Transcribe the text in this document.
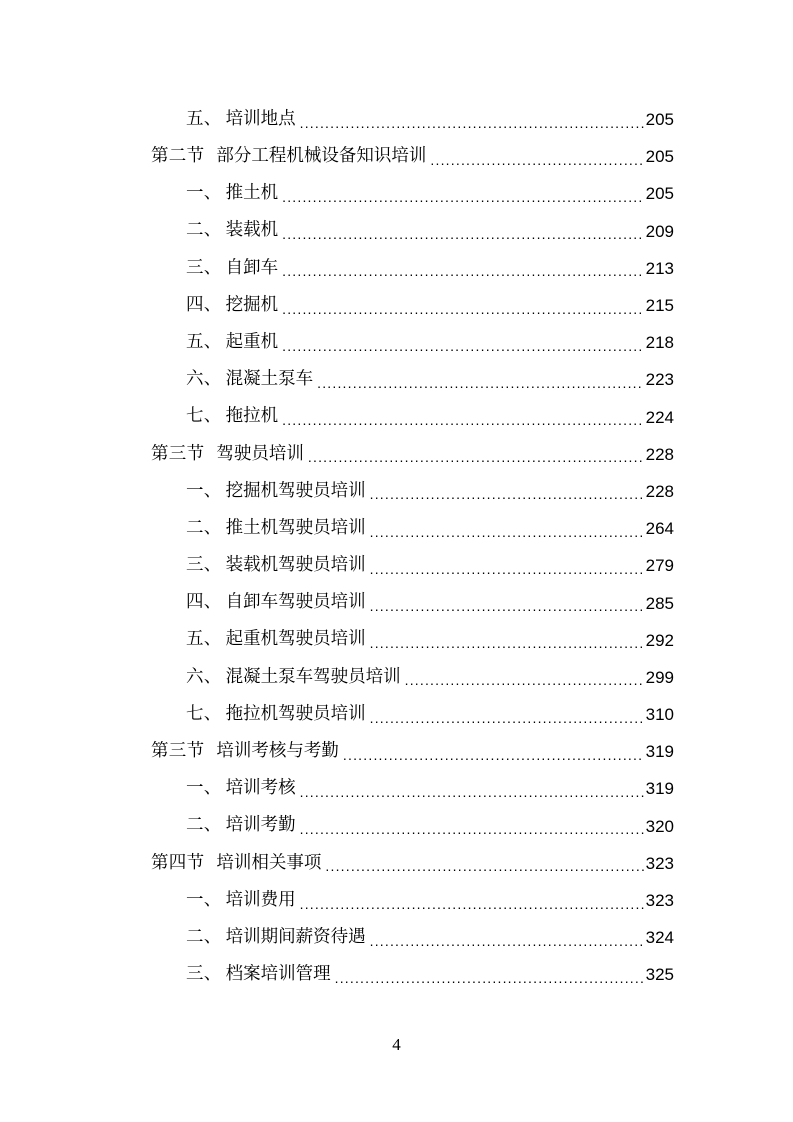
五、 培训地点 .....	205
第二节 部分工程机械设备知识培训 .....	205
一、 推土机 .....	205
二、 装载机 .....	209
三、 自卸车 .....	213
四、 挖掘机 .....	215
五、 起重机 .....	218
六、 混凝土泵车 .....	223
七、 拖拉机 .....	224
第三节 驾驶员培训 .....	228
一、 挖掘机驾驶员培训 .....	228
二、 推土机驾驶员培训 .....	264
三、 装载机驾驶员培训 .....	279
四、 自卸车驾驶员培训 .....	285
五、 起重机驾驶员培训 .....	292
六、 混凝土泵车驾驶员培训 .....	299
七、 拖拉机驾驶员培训 .....	310
第三节 培训考核与考勤 .....	319
一、 培训考核 .....	319
二、 培训考勤 .....	320
第四节 培训相关事项 .....	323
一、 培训费用 .....	323
二、 培训期间薪资待遇 .....	324
三、 档案培训管理 .....	325
4
